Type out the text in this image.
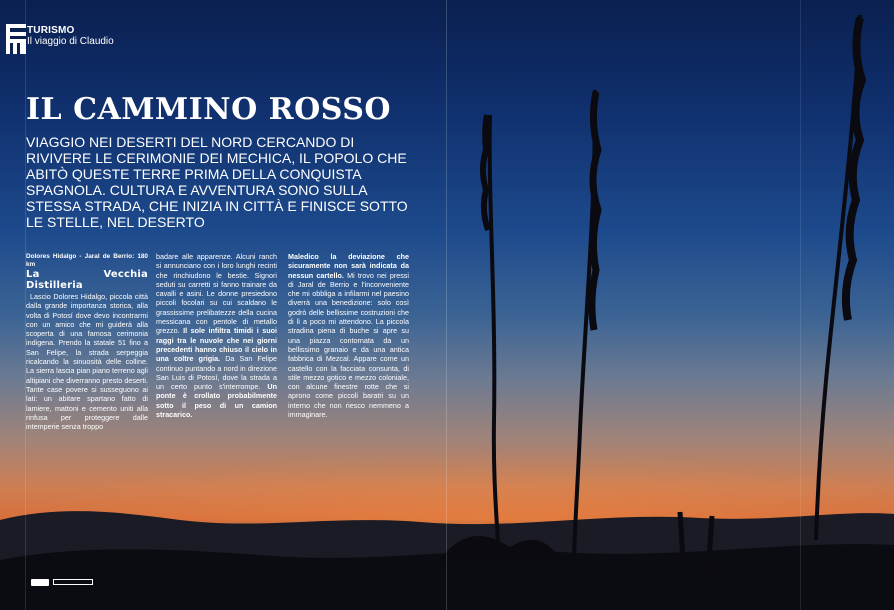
TURISMO
Il viaggio di Claudio
IL CAMMINO ROSSO

VIAGGIO NEI DESERTI DEL NORD CERCANDO DI RIVIVERE LE CERIMONIE DEI MECHICA, IL POPOLO CHE ABITÒ QUESTE TERRE PRIMA DELLA CONQUISTA SPAGNOLA. CULTURA E AVVENTURA SONO SULLA STESSA STRADA, CHE INIZIA IN CITTÀ E FINISCE SOTTO LE STELLE, NEL DESERTO

Dolores Hidalgo - Jaral de Berrio: 180 km

La Vecchia Distilleria

Lascio Dolores Hidalgo, piccola città dalla grande importanza storica, alla volta di Potosí dove devo incontrarmi con un amico che mi guiderà alla scoperta di una famosa cerimonia indigena. Prendo la statale 51 fino a San Felipe, la strada serpeggia ricalcando la sinuosità delle colline. La sierra lascia pian piano terreno agli altipiani che diverranno presto deserti. Tante case povere si susseguono ai lati: un abitare spartano fatto di lamiere, mattoni e cemento uniti alla rinfusa per proteggere dalle intemperie senza troppo

badare alle apparenze. Alcuni ranch si annunciano con i loro lunghi recinti che rinchiudono le bestie. Signori seduti su carretti si fanno trainare da cavalli e asini. Le donne presiedono piccoli focolari su cui scaldano le grassissime prelibatezze della cucina messicana con pentole di metallo grezzo. Il sole infiltra timidi i suoi raggi tra le nuvole che nei giorni precedenti hanno chiuso il cielo in una coltre grigia. Da San Felipe continuo puntando a nord in direzione San Luis di Potosí, dove la strada a un certo punto s'interrompe. Un ponte è crollato probabilmente sotto il peso di un camion stracarico.
Maledico la deviazione che sicuramente non sarà indicata da nessun cartello. Mi trovo nei pressi di Jaral de Berrio e l'inconveniente che mi obbliga a infilarmi nel paesino diverrà una benedizione: solo così godrò delle bellissime costruzioni che di lì a poco mi attendono. La piccola stradina piena di buche si apre su una piazza contornata da un bellissimo granaio e da una antica fabbrica di Mezcal. Appare come un castello con la facciata consunta, di stile mezzo gotico e mezzo coloniale, con alcune finestre rotte che si aprono come piccoli baratri su un interno che non riesco nemmeno a immaginare.
